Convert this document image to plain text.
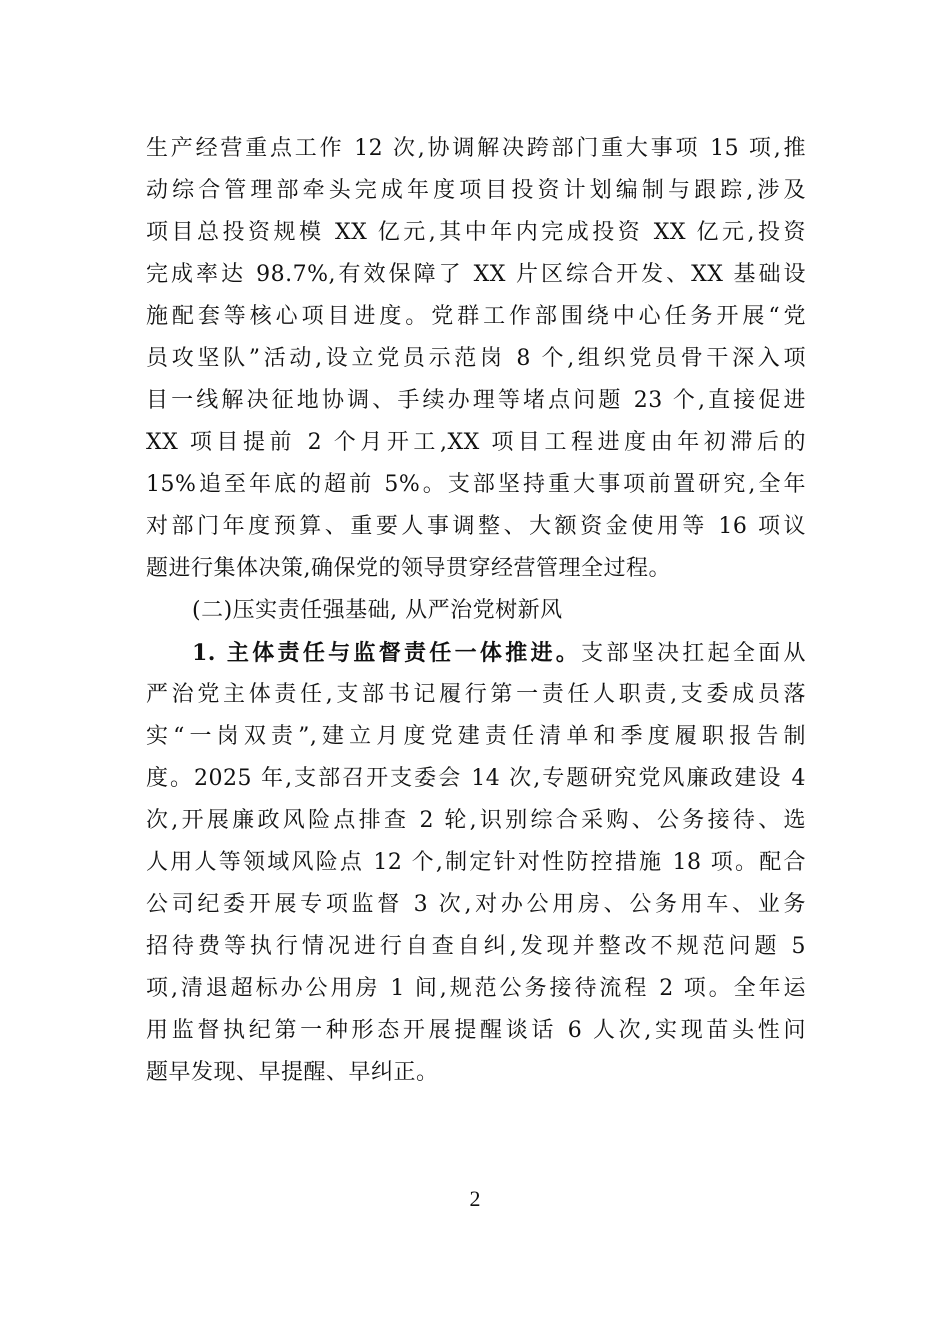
生产经营重点工作 12 次,协调解决跨部门重大事项 15 项,推
动综合管理部牵头完成年度项目投资计划编制与跟踪,涉及
项目总投资规模 XX 亿元,其中年内完成投资 XX 亿元,投资
完成率达 98.7%,有效保障了 XX 片区综合开发、XX 基础设
施配套等核心项目进度。党群工作部围绕中心任务开展“党
员攻坚队”活动,设立党员示范岗 8 个,组织党员骨干深入项
目一线解决征地协调、手续办理等堵点问题 23 个,直接促进
XX 项目提前 2 个月开工,XX 项目工程进度由年初滞后的
15%追至年底的超前 5%。支部坚持重大事项前置研究,全年
对部门年度预算、重要人事调整、大额资金使用等 16 项议
题进行集体决策,确保党的领导贯穿经营管理全过程。
(二)压实责任强基础, 从严治党树新风
1. 主体责任与监督责任一体推进。支部坚决扛起全面从
严治党主体责任,支部书记履行第一责任人职责,支委成员落
实“一岗双责”,建立月度党建责任清单和季度履职报告制
度。2025 年,支部召开支委会 14 次,专题研究党风廉政建设 4
次,开展廉政风险点排查 2 轮,识别综合采购、公务接待、选
人用人等领域风险点 12 个,制定针对性防控措施 18 项。配合
公司纪委开展专项监督 3 次,对办公用房、公务用车、业务
招待费等执行情况进行自查自纠,发现并整改不规范问题 5
项,清退超标办公用房 1 间,规范公务接待流程 2 项。全年运
用监督执纪第一种形态开展提醒谈话 6 人次,实现苗头性问
题早发现、早提醒、早纠正。
2
